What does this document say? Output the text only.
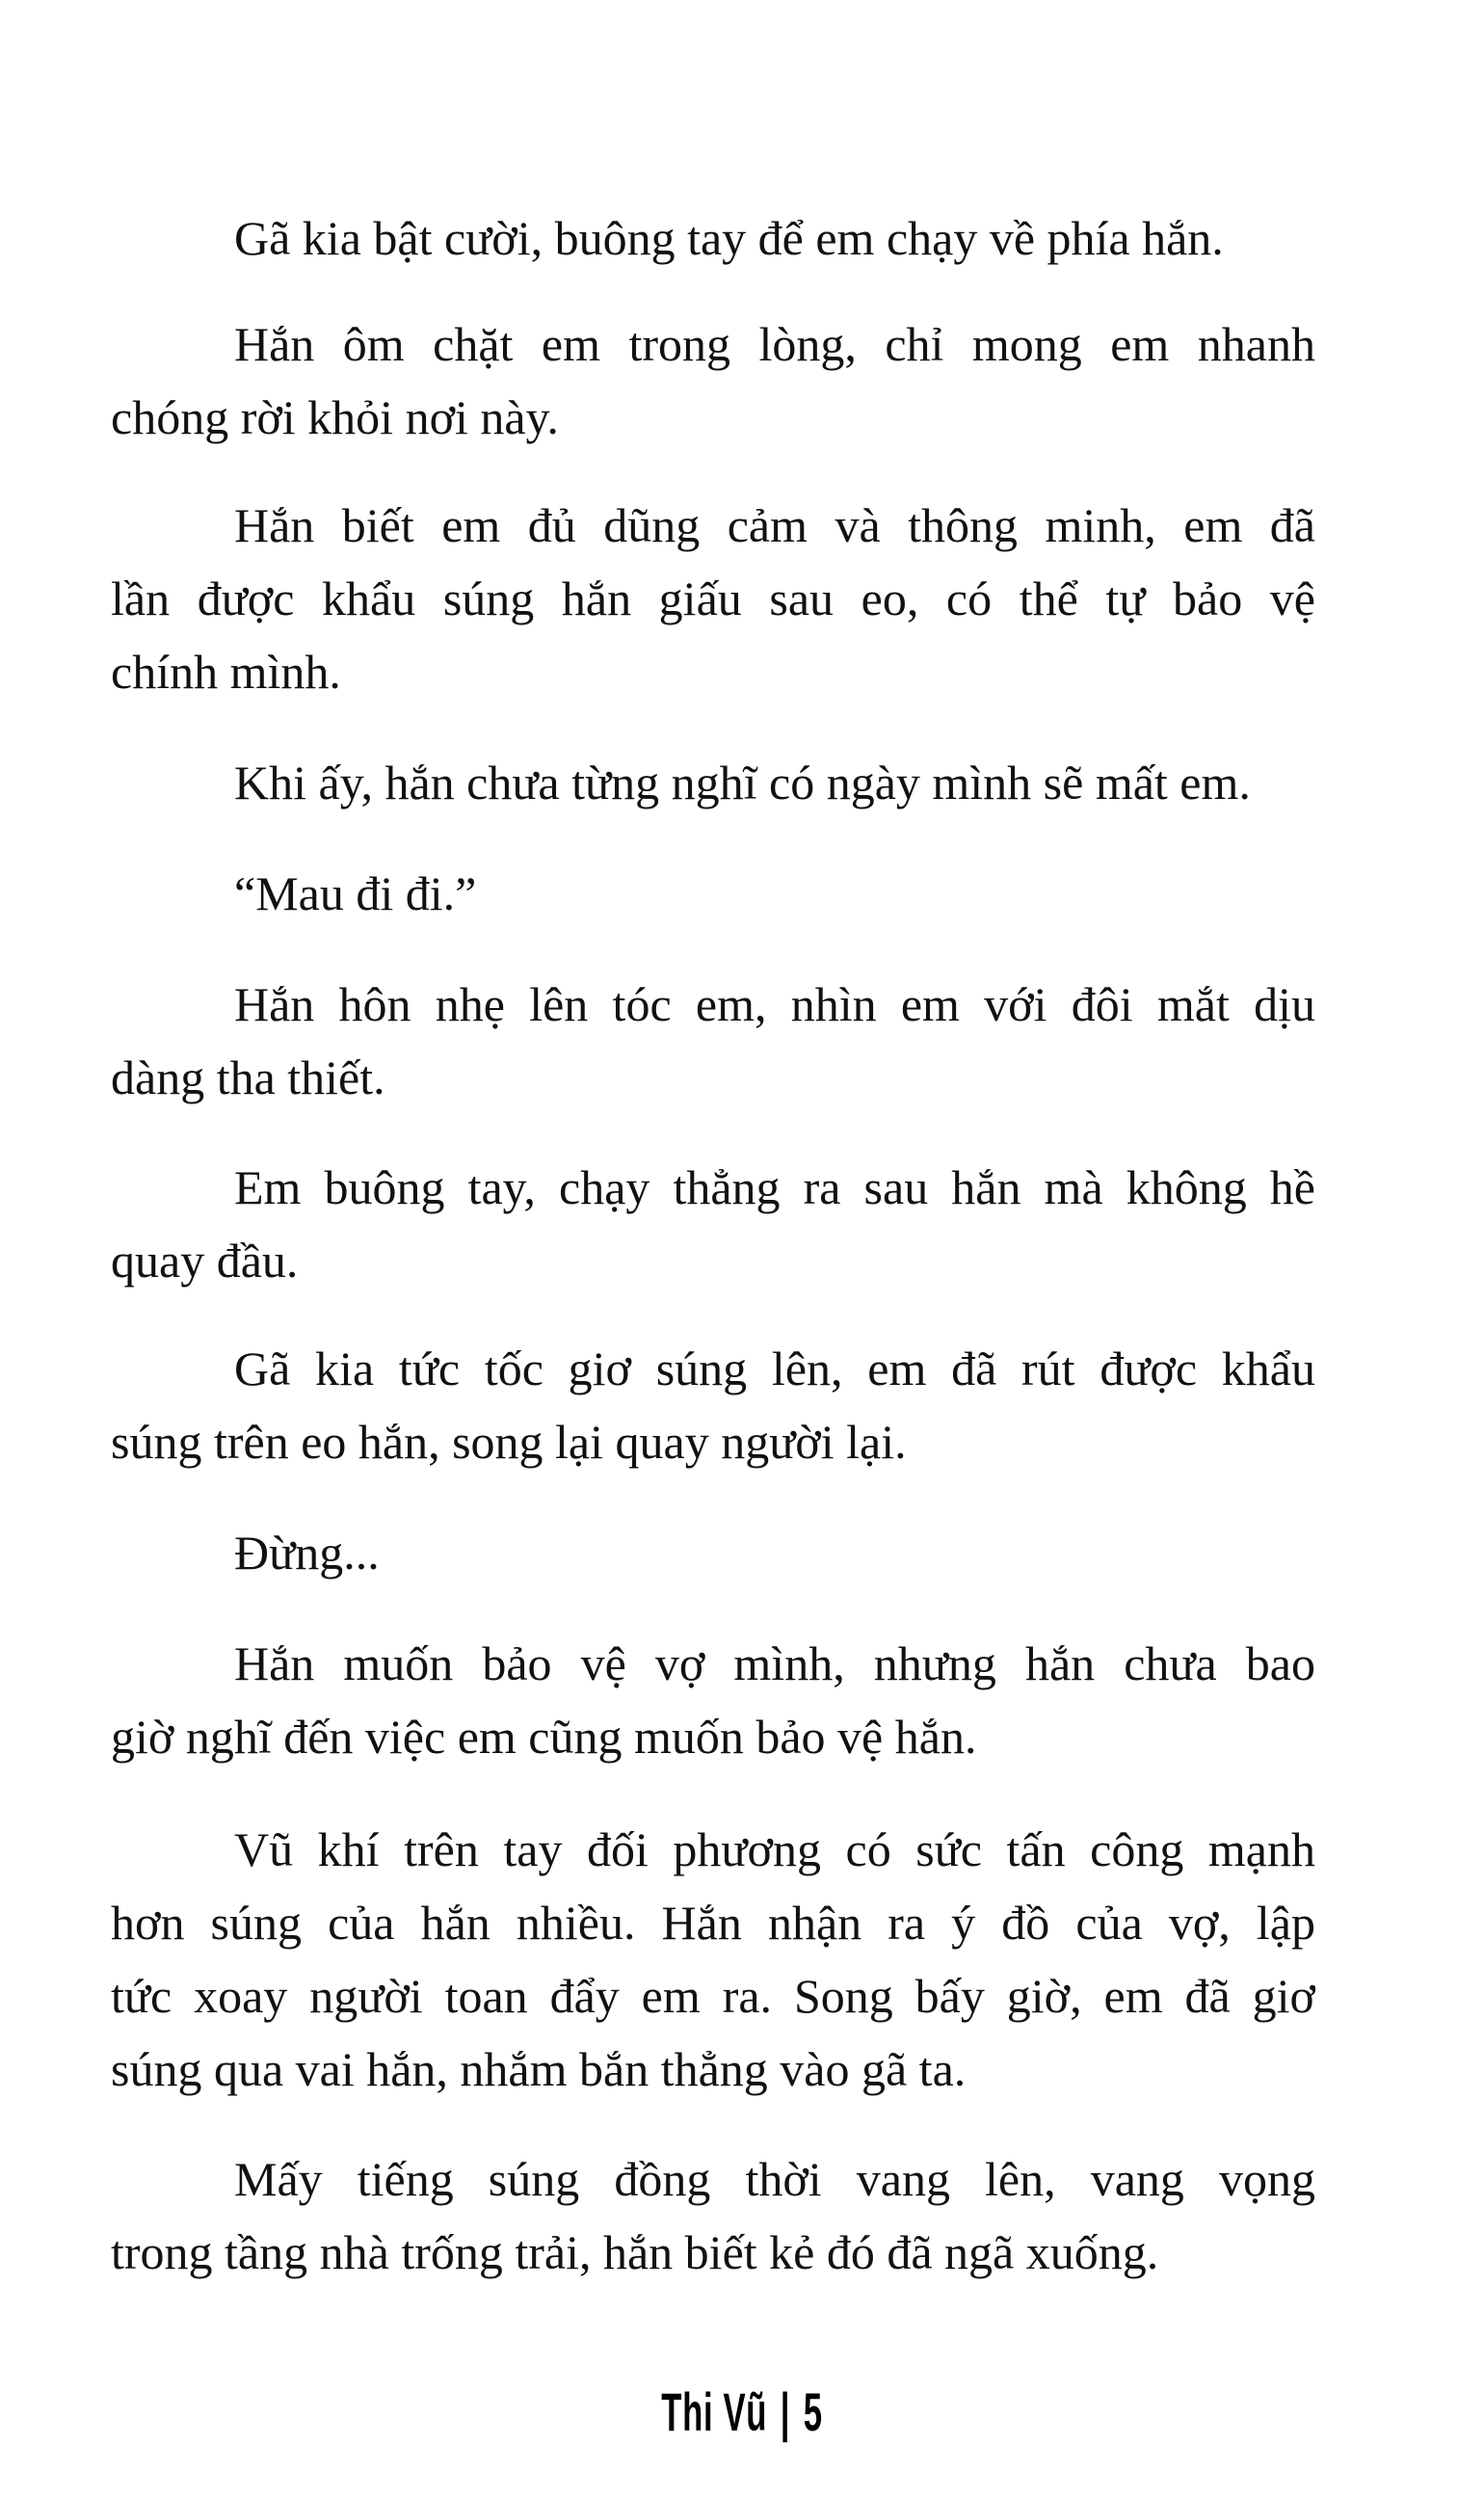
Gã kia bật cười, buông tay để em chạy về phía hắn.
Hắn ôm chặt em trong lòng, chỉ mong em nhanh
chóng rời khỏi nơi này.
Hắn biết em đủ dũng cảm và thông minh, em đã
lần được khẩu súng hắn giấu sau eo, có thể tự bảo vệ
chính mình.
Khi ấy, hắn chưa từng nghĩ có ngày mình sẽ mất em.
“Mau đi đi.”
Hắn hôn nhẹ lên tóc em, nhìn em với đôi mắt dịu
dàng tha thiết.
Em buông tay, chạy thẳng ra sau hắn mà không hề
quay đầu.
Gã kia tức tốc giơ súng lên, em đã rút được khẩu
súng trên eo hắn, song lại quay người lại.
Đừng...
Hắn muốn bảo vệ vợ mình, nhưng hắn chưa bao
giờ nghĩ đến việc em cũng muốn bảo vệ hắn.
Vũ khí trên tay đối phương có sức tấn công mạnh
hơn súng của hắn nhiều. Hắn nhận ra ý đồ của vợ, lập
tức xoay người toan đẩy em ra. Song bấy giờ, em đã giơ
súng qua vai hắn, nhắm bắn thẳng vào gã ta.
Mấy tiếng súng đồng thời vang lên, vang vọng
trong tầng nhà trống trải, hắn biết kẻ đó đã ngã xuống.
Thi Vũ | 5
